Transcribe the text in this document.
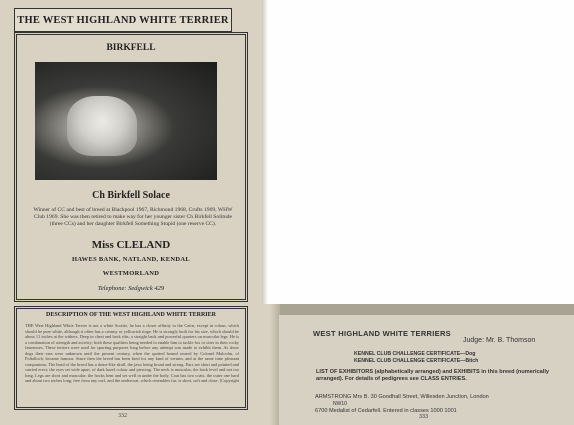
THE WEST HIGHLAND WHITE TERRIER
BIRKFELL
Ch Birkfell Solace
Winner of CC and best of breed at Blackpool 1967, Richmond 1968, Crufts 1969, WHW Club 1969. She was then retired to make way for her younger sister Ch Birkfell Solitude (three CCs) and her daughter Birkfell Something Stupid (one reserve CC).
Miss CLELAND
HAWES BANK, NATLAND, KENDAL
WESTMORLAND
Telephone: Sedgwick 429
DESCRIPTION OF THE WEST HIGHLAND WHITE TERRIER
THE West Highland White Terrier is not a white Scottie, he has a closer affinity to the Cairn, except in colour, which should be pure white, although it often has a creamy or yellowish tinge. He is strongly built for his size, which should be about 11 inches at the withers. Deep in chest and back ribs; a straight back and powerful quarters on muscular legs. He is a combination of strength and activity; both these qualities being needed to enable him to tackle fox or otter in their rocky fastnesses. These terriers were used for sporting purposes long before any attempt was made to exhibit them. As show dogs their ears were unknown until the present century, when the spotted hound owned by Colonel Malcolm, of Poltalloch, became famous. Since then the breed has been bred for any kind of vermin, and at the same time pleasant companions. The head of the breed has a dome-like skull, the jaws being broad and strong. Ears are short and pointed and carried erect; the eyes set wide apart, of dark hazel colour and piercing. The neck is muscular, the back level and not too long. Legs are short and muscular; the hocks bent and set well in under the body. Coat has two coats, the outer one hard and about two inches long, free from any curl, and the undercoat, which resembles fur, is short, soft and close. [Copyright
332
WEST HIGHLAND WHITE TERRIERS
Judge: Mr. B. Thomson
KENNEL CLUB CHALLENGE CERTIFICATE—Dog
KENNEL CLUB CHALLENGE CERTIFICATE—Bitch
LIST OF EXHIBITORS (alphabetically arranged) and EXHIBITS in this breed (numerically arranged). For details of pedigrees see CLASS ENTRIES.
ARMSTRONG Mrs B. 30 Goodhall Street, Willesden Junction, London
NW10
6700 Medalist of Cedarfell. Entered in classes 1000 1001
333
